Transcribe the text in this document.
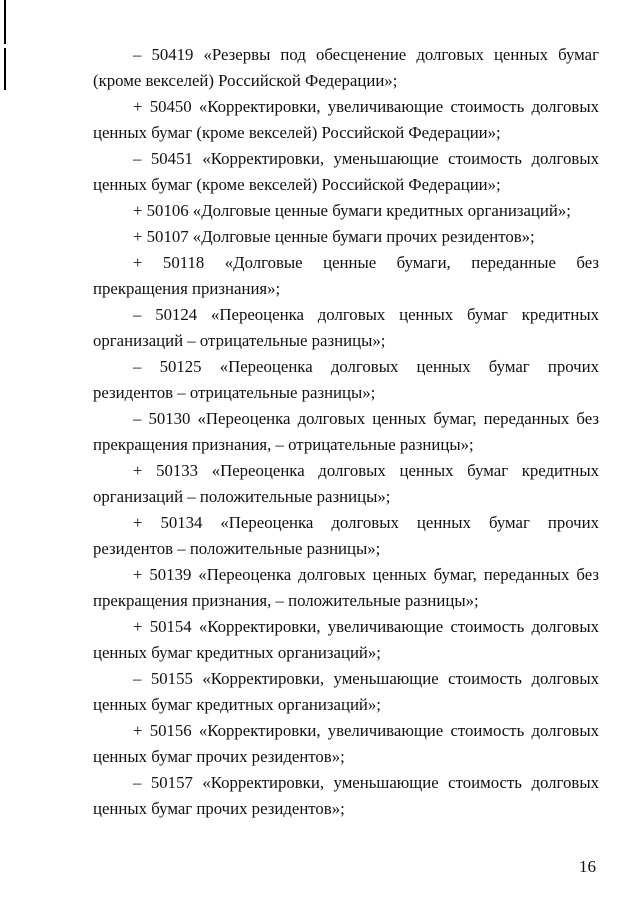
– 50419 «Резервы под обесценение долговых ценных бумаг (кроме векселей) Российской Федерации»;

+ 50450 «Корректировки, увеличивающие стоимость долговых ценных бумаг (кроме векселей) Российской Федерации»;

– 50451 «Корректировки, уменьшающие стоимость долговых ценных бумаг (кроме векселей) Российской Федерации»;

+ 50106 «Долговые ценные бумаги кредитных организаций»;

+ 50107 «Долговые ценные бумаги прочих резидентов»;

+ 50118 «Долговые ценные бумаги, переданные без прекращения признания»;

– 50124 «Переоценка долговых ценных бумаг кредитных организаций – отрицательные разницы»;

– 50125 «Переоценка долговых ценных бумаг прочих резидентов – отрицательные разницы»;

– 50130 «Переоценка долговых ценных бумаг, переданных без прекращения признания, – отрицательные разницы»;

+ 50133 «Переоценка долговых ценных бумаг кредитных организаций – положительные разницы»;

+ 50134 «Переоценка долговых ценных бумаг прочих резидентов – положительные разницы»;

+ 50139 «Переоценка долговых ценных бумаг, переданных без прекращения признания, – положительные разницы»;

+ 50154 «Корректировки, увеличивающие стоимость долговых ценных бумаг кредитных организаций»;

– 50155 «Корректировки, уменьшающие стоимость долговых ценных бумаг кредитных организаций»;

+ 50156 «Корректировки, увеличивающие стоимость долговых ценных бумаг прочих резидентов»;

– 50157 «Корректировки, уменьшающие стоимость долговых ценных бумаг прочих резидентов»;

16
